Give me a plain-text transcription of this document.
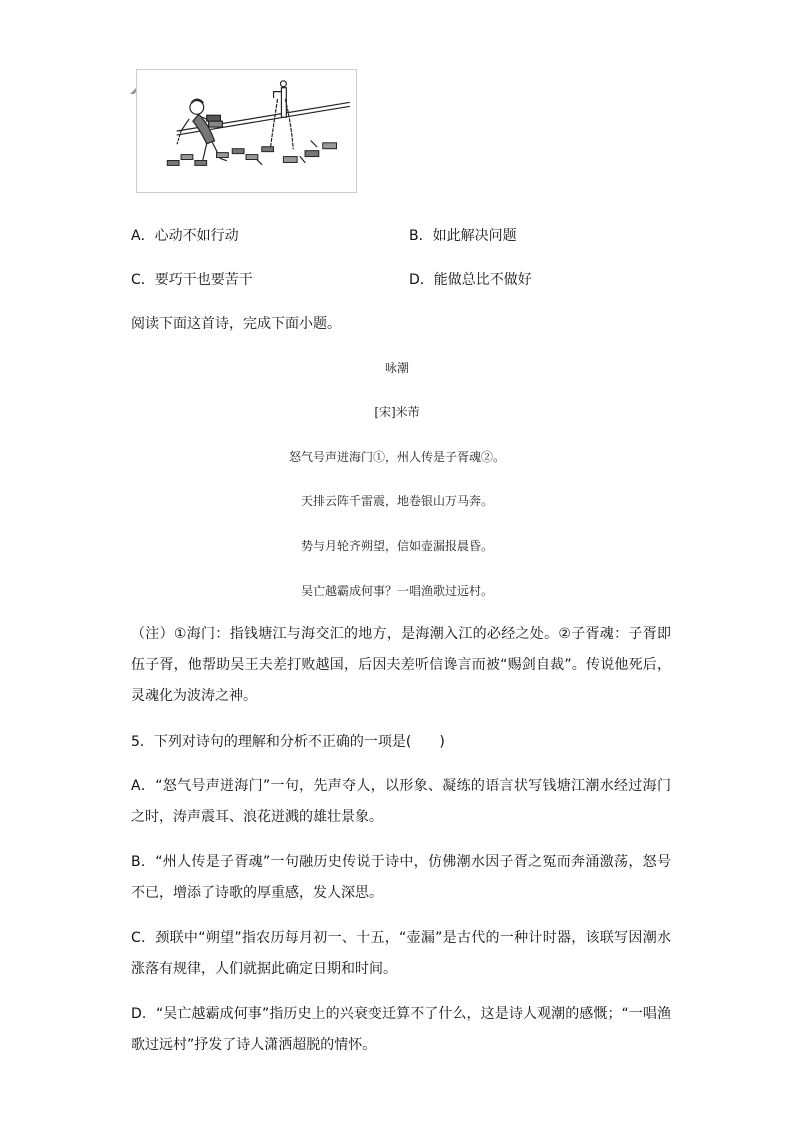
A．心动不如行动	B．如此解决问题
C．要巧干也要苦干	D．能做总比不做好
阅读下面这首诗，完成下面小题。
咏潮
[宋]米芾
怒气号声迸海门①，州人传是子胥魂②。
天排云阵千雷震，地卷银山万马奔。
势与月轮齐朔望，信如壶漏报晨昏。
吴亡越霸成何事？一唱渔歌过远村。
（注）①海门：指钱塘江与海交汇的地方，是海潮入江的必经之处。②子胥魂：子胥即伍子胥，他帮助吴王夫差打败越国，后因夫差听信谗言而被“赐剑自裁”。传说他死后，灵魂化为波涛之神。
5．下列对诗句的理解和分析不正确的一项是(　　)
A．“怒气号声迸海门”一句，先声夺人，以形象、凝练的语言状写钱塘江潮水经过海门之时，涛声震耳、浪花迸溅的雄壮景象。
B．“州人传是子胥魂”一句融历史传说于诗中，仿佛潮水因子胥之冤而奔涌激荡，怒号不已，增添了诗歌的厚重感，发人深思。
C．颈联中“朔望”指农历每月初一、十五，“壶漏”是古代的一种计时器，该联写因潮水涨落有规律，人们就据此确定日期和时间。
D．“吴亡越霸成何事”指历史上的兴衰变迁算不了什么，这是诗人观潮的感慨；“一唱渔歌过远村”抒发了诗人潇洒超脱的情怀。
